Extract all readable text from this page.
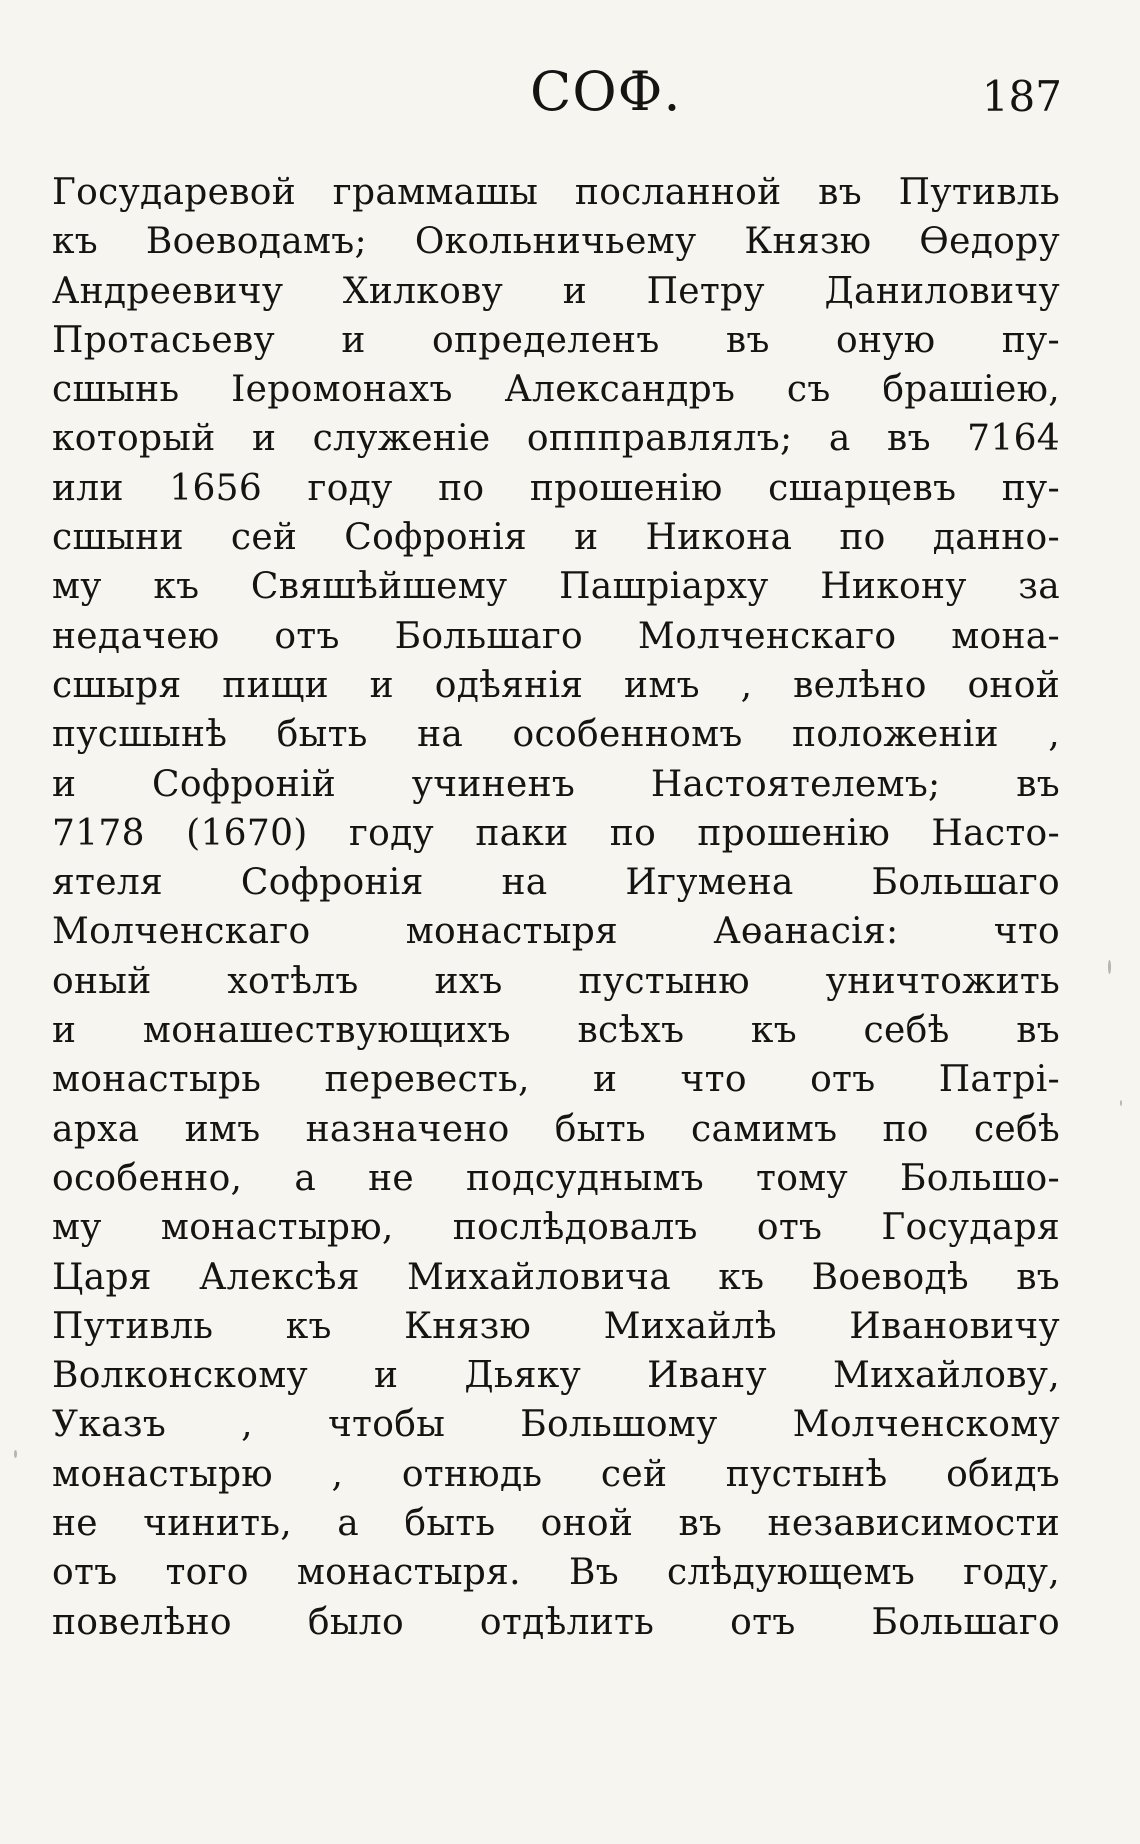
СОФ.	187
Государевой граммашы посланной въ Путивль
къ Воеводамъ; Окольничьему Князю Өедору
Андреевичу Хилкову и Петру Даниловичу
Протасьеву и определенъ въ оную пу-
сшынь Іеромонахъ Александръ съ брашіею,
который и служеніе оппправлялъ; а въ 7164
или 1656 году по прошенію сшарцевъ пу-
сшыни сей Софронія и Никона по данно-
му къ Свяшѣйшему Пашріарху Никону за
недачею отъ Большаго Молченскаго мона-
сшыря пищи и одѣянія имъ , велѣно оной
пусшынѣ быть на особенномъ положеніи ,
и Софроній учиненъ Настоятелемъ; въ
7178 (1670) году паки по прошенію Насто-
ятеля Софронія на Игумена Большаго
Молченскаго монастыря Аөанасія: что
оный хотѣлъ ихъ пустыню уничтожить
и монашествующихъ всѣхъ къ себѣ въ
монастырь перевесть, и что отъ Патрі-
арха имъ назначено быть самимъ по себѣ
особенно, а не подсуднымъ тому Большо-
му монастырю, послѣдовалъ отъ Государя
Царя Алексѣя Михайловича къ Воеводѣ въ
Путивль къ Князю Михайлѣ Ивановичу
Волконскому и Дьяку Ивану Михайлову,
Указъ , чтобы Большому Молченскому
монастырю , отнюдь сей пустынѣ обидъ
не чинить, а быть оной въ независимости
отъ того монастыря. Въ слѣдующемъ году,
повелѣно было отдѣлить отъ Большаго
